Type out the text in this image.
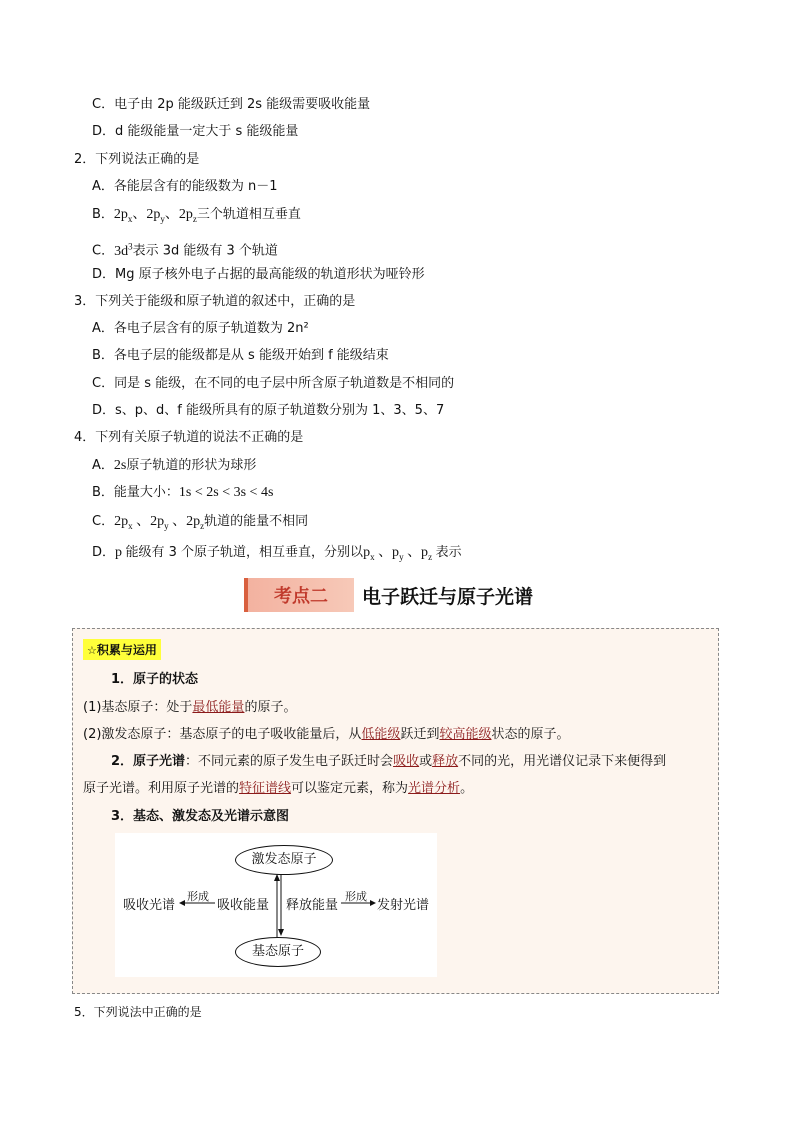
C．电子由 2p 能级跃迁到 2s 能级需要吸收能量
D．d 能级能量一定大于 s 能级能量
2．下列说法正确的是
A．各能层含有的能级数为 n－1
B．$2p_x$、$2p_y$、$2p_z$三个轨道相互垂直
C．$3d^3$表示 3d 能级有 3 个轨道
D．Mg 原子核外电子占据的最高能级的轨道形状为哑铃形
3．下列关于能级和原子轨道的叙述中，正确的是
A．各电子层含有的原子轨道数为 2n²
B．各电子层的能级都是从 s 能级开始到 f 能级结束
C．同是 s 能级，在不同的电子层中所含原子轨道数是不相同的
D．s、p、d、f 能级所具有的原子轨道数分别为 1、3、5、7
4．下列有关原子轨道的说法不正确的是
A．2s原子轨道的形状为球形
B．能量大小：1s < 2s < 3s < 4s
C．$2p_x$ 、$2p_y$ 、$2p_z$轨道的能量不相同
D．p 能级有 3 个原子轨道，相互垂直，分别以$p_x$ 、$p_y$ 、$p_z$ 表示
考点二	电子跃迁与原子光谱
☆积累与运用
1．原子的状态
(1)基态原子：处于最低能量的原子。
(2)激发态原子：基态原子的电子吸收能量后，从低能级跃迁到较高能级状态的原子。
2．原子光谱：不同元素的原子发生电子跃迁时会吸收或释放不同的光，用光谱仪记录下来便得到
原子光谱。利用原子光谱的特征谱线可以鉴定元素，称为光谱分析。
3．基态、激发态及光谱示意图
激发态原子
基态原子
吸收光谱
形成
吸收能量 释放能量
形成
发射光谱
5．下列说法中正确的是
